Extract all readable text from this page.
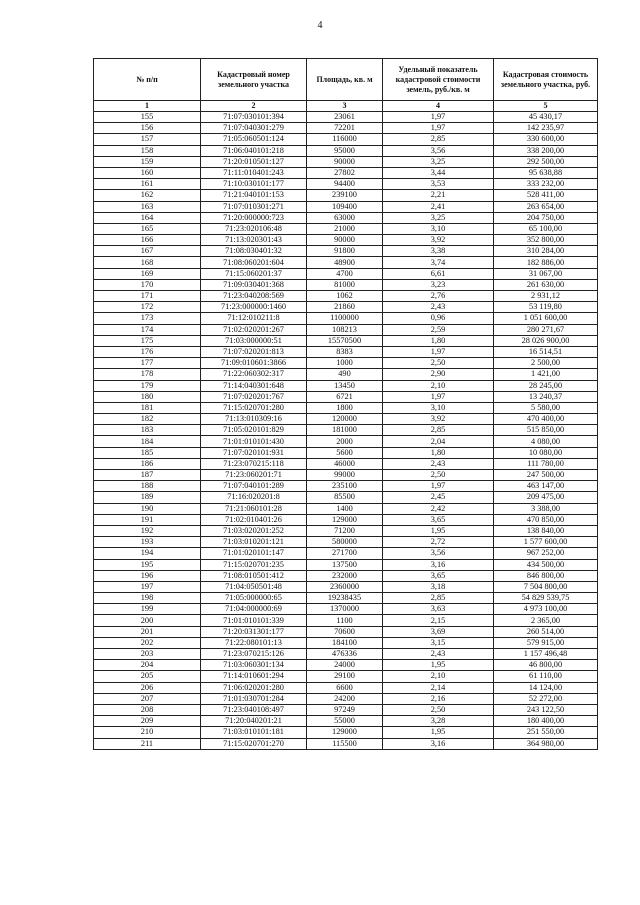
4
№ п/п	Кадастровый номер земельного участка	Площадь, кв. м	Удельный показатель кадастровой стоимости земель, руб./кв. м	Кадастровая стоимость земельного участка, руб.
1	2	3	4	5
155	71:07:030101:394	23061	1,97	45 430,17
156	71:07:040301:279	72201	1,97	142 235,97
157	71:05:060501:124	116000	2,85	330 600,00
158	71:06:040101:218	95000	3,56	338 200,00
159	71:20:010501:127	90000	3,25	292 500,00
160	71:11:010401:243	27802	3,44	95 638,88
161	71:10:030101:177	94400	3,53	333 232,00
162	71:21:040101:153	239100	2,21	528 411,00
163	71:07:010301:271	109400	2,41	263 654,00
164	71:20:000000:723	63000	3,25	204 750,00
165	71:23:020106:48	21000	3,10	65 100,00
166	71:13:020301:43	90000	3,92	352 800,00
167	71:08:030401:32	91800	3,38	310 284,00
168	71:08:060201:604	48900	3,74	182 886,00
169	71:15:060201:37	4700	6,61	31 067,00
170	71:09:030401:368	81000	3,23	261 630,00
171	71:23:040208:569	1062	2,76	2 931,12
172	71:23:000000:1460	21860	2,43	53 119,80
173	71:12:010211:8	1100000	0,96	1 051 600,00
174	71:02:020201:267	108213	2,59	280 271,67
175	71:03:000000:51	15570500	1,80	28 026 900,00
176	71:07:020201:813	8383	1,97	16 514,51
177	71:09:010601:3866	1000	2,50	2 500,00
178	71:22:060302:317	490	2,90	1 421,00
179	71:14:040301:648	13450	2,10	28 245,00
180	71:07:020201:767	6721	1,97	13 240,37
181	71:15:020701:280	1800	3,10	5 580,00
182	71:13:010309:16	120000	3,92	470 400,00
183	71:05:020101:829	181000	2,85	515 850,00
184	71:01:010101:430	2000	2,04	4 080,00
185	71:07:020101:931	5600	1,80	10 080,00
186	71:23:070215:118	46000	2,43	111 780,00
187	71:23:060201:71	99000	2,50	247 500,00
188	71:07:040101:289	235100	1,97	463 147,00
189	71:16:020201:8	85500	2,45	209 475,00
190	71:21:060101:28	1400	2,42	3 388,00
191	71:02:010401:26	129000	3,65	470 850,00
192	71:03:020201:252	71200	1,95	138 840,00
193	71:03:010201:121	580000	2,72	1 577 600,00
194	71:01:020101:147	271700	3,56	967 252,00
195	71:15:020701:235	137500	3,16	434 500,00
196	71:08:010501:412	232000	3,65	846 800,00
197	71:04:050501:48	2360000	3,18	7 504 800,00
198	71:05:000000:65	19238435	2,85	54 829 539,75
199	71:04:000000:69	1370000	3,63	4 973 100,00
200	71:01:010101:339	1100	2,15	2 365,00
201	71:20:031301:177	70600	3,69	260 514,00
202	71:22:080101:13	184100	3,15	579 915,00
203	71:23:070215:126	476336	2,43	1 157 496,48
204	71:03:060301:134	24000	1,95	46 800,00
205	71:14:010601:294	29100	2,10	61 110,00
206	71:06:020201:280	6600	2,14	14 124,00
207	71:01:030701:284	24200	2,16	52 272,00
208	71:23:040108:497	97249	2,50	243 122,50
209	71:20:040201:21	55000	3,28	180 400,00
210	71:03:010101:181	129000	1,95	251 550,00
211	71:15:020701:270	115500	3,16	364 980,00
